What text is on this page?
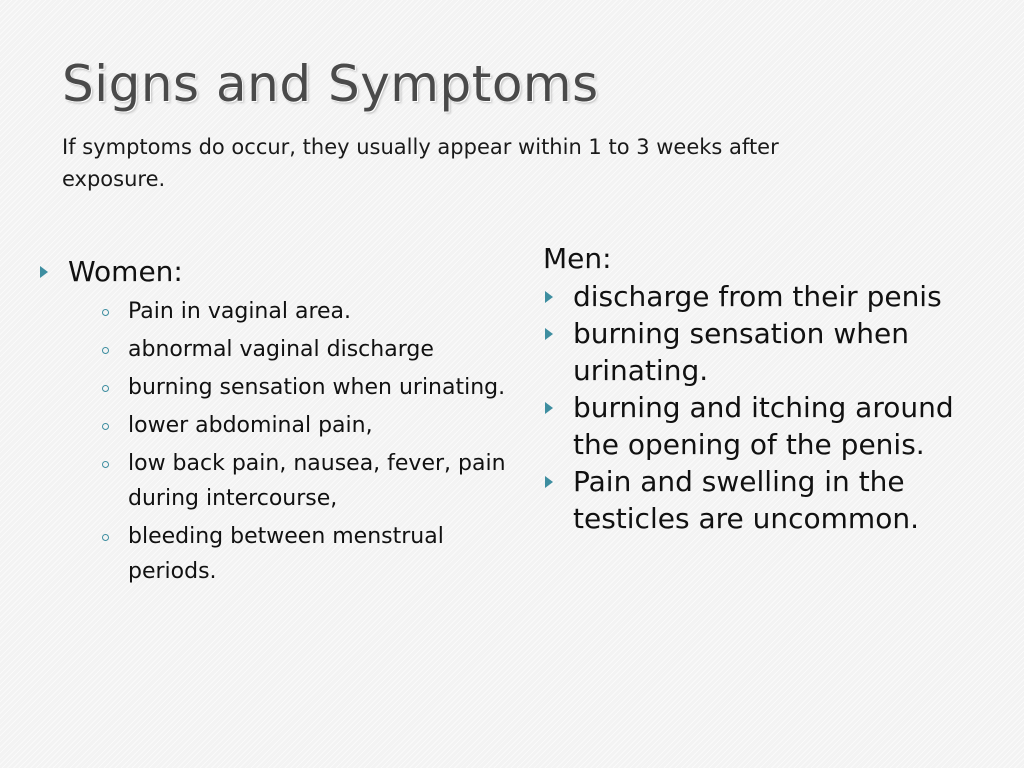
Signs and Symptoms

If symptoms do occur, they usually appear within 1 to 3 weeks after exposure.

Women:
Pain in vaginal area.
abnormal vaginal discharge
burning sensation when urinating.
lower abdominal pain,
low back pain, nausea, fever, pain during intercourse,
bleeding between menstrual periods.
Men:
discharge from their penis
burning sensation when urinating.
burning and itching around the opening of the penis.
Pain and swelling in the testicles are uncommon.
